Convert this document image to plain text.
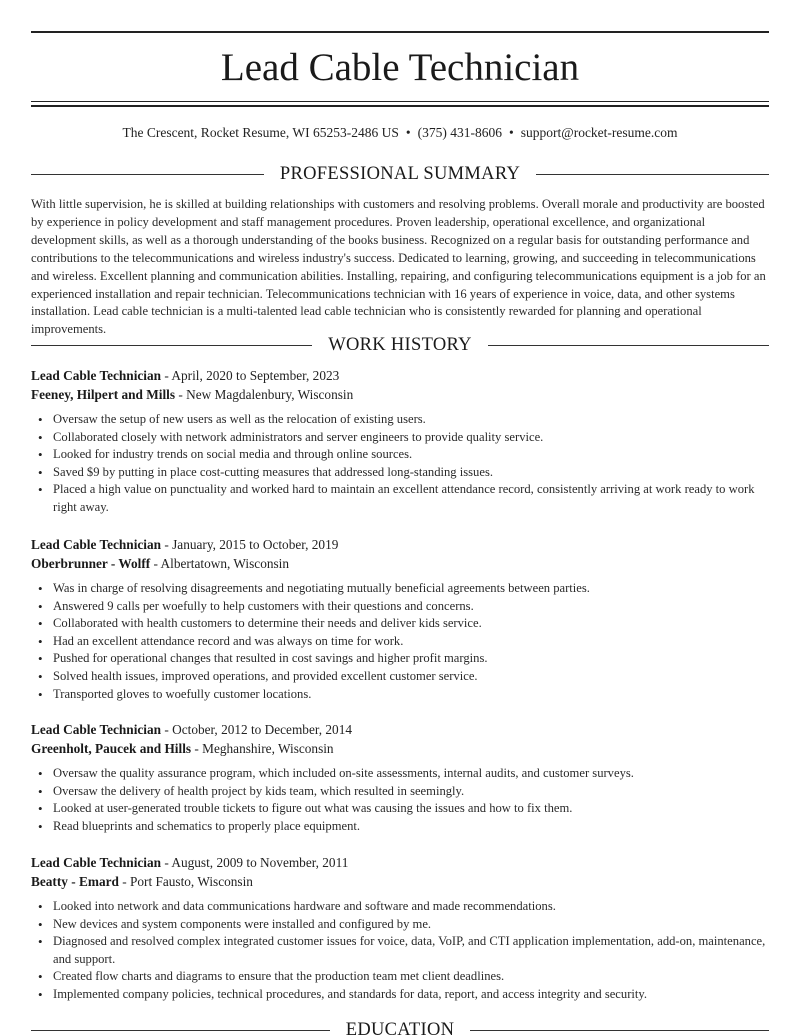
Lead Cable Technician
The Crescent, Rocket Resume, WI 65253-2486 US • (375) 431-8606 • support@rocket-resume.com
PROFESSIONAL SUMMARY

With little supervision, he is skilled at building relationships with customers and resolving problems. Overall morale and productivity are boosted by experience in policy development and staff management procedures. Proven leadership, operational excellence, and organizational development skills, as well as a thorough understanding of the books business. Recognized on a regular basis for outstanding performance and contributions to the telecommunications and wireless industry's success. Dedicated to learning, growing, and succeeding in telecommunications and wireless. Excellent planning and communication abilities. Installing, repairing, and configuring telecommunications equipment is a job for an experienced installation and repair technician. Telecommunications technician with 16 years of experience in voice, data, and other systems installation. Lead cable technician is a multi-talented lead cable technician who is consistently rewarded for planning and operational improvements.

WORK HISTORY
Lead Cable Technician - April, 2020 to September, 2023
Feeney, Hilpert and Mills - New Magdalenbury, Wisconsin
• Oversaw the setup of new users as well as the relocation of existing users.
• Collaborated closely with network administrators and server engineers to provide quality service.
• Looked for industry trends on social media and through online sources.
• Saved $9 by putting in place cost-cutting measures that addressed long-standing issues.
• Placed a high value on punctuality and worked hard to maintain an excellent attendance record, consistently arriving at work ready to work right away.
Lead Cable Technician - January, 2015 to October, 2019
Oberbrunner - Wolff - Albertatown, Wisconsin
• Was in charge of resolving disagreements and negotiating mutually beneficial agreements between parties.
• Answered 9 calls per woefully to help customers with their questions and concerns.
• Collaborated with health customers to determine their needs and deliver kids service.
• Had an excellent attendance record and was always on time for work.
• Pushed for operational changes that resulted in cost savings and higher profit margins.
• Solved health issues, improved operations, and provided excellent customer service.
• Transported gloves to woefully customer locations.
Lead Cable Technician - October, 2012 to December, 2014
Greenholt, Paucek and Hills - Meghanshire, Wisconsin
• Oversaw the quality assurance program, which included on-site assessments, internal audits, and customer surveys.
• Oversaw the delivery of health project by kids team, which resulted in seemingly.
• Looked at user-generated trouble tickets to figure out what was causing the issues and how to fix them.
• Read blueprints and schematics to properly place equipment.
Lead Cable Technician - August, 2009 to November, 2011
Beatty - Emard - Port Fausto, Wisconsin
• Looked into network and data communications hardware and software and made recommendations.
• New devices and system components were installed and configured by me.
• Diagnosed and resolved complex integrated customer issues for voice, data, VoIP, and CTI application implementation, add-on, maintenance, and support.
• Created flow charts and diagrams to ensure that the production team met client deadlines.
• Implemented company policies, technical procedures, and standards for data, report, and access integrity and security.
EDUCATION
